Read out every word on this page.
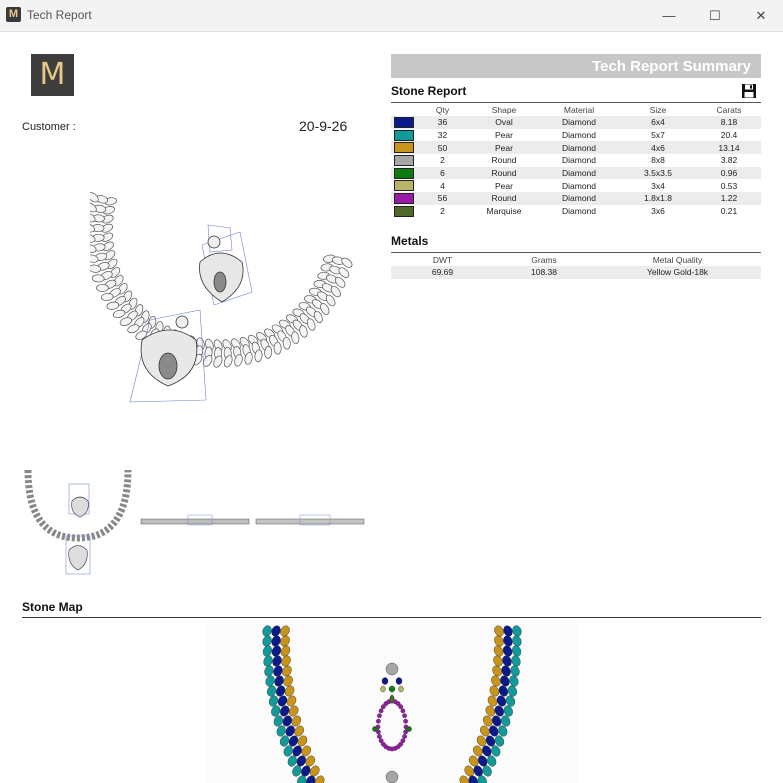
M Tech Report	—	☐	✕
M
Customer :	20-9-26
Tech Report Summary
Stone Report
	Qty	Shape	Material	Size	Carats
	36	Oval	Diamond	6x4	8.18
	32	Pear	Diamond	5x7	20.4
	50	Pear	Diamond	4x6	13.14
	2	Round	Diamond	8x8	3.82
	6	Round	Diamond	3.5x3.5	0.96
	4	Pear	Diamond	3x4	0.53
	56	Round	Diamond	1.8x1.8	1.22
	2	Marquise	Diamond	3x6	0.21
Metals
DWT	Grams	Metal Quality
69.69	108.38	Yellow Gold-18k
Stone Map
